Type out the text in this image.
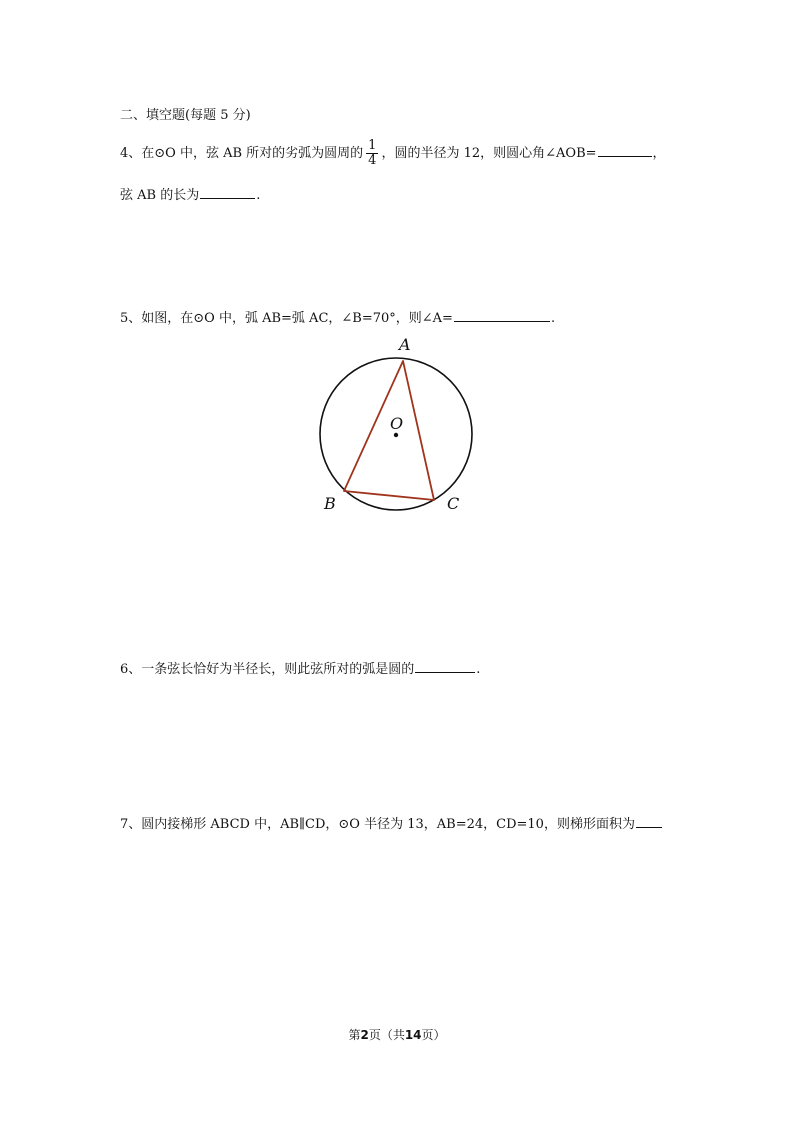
二、填空题(每题 5 分)
4、在⊙O 中，弦 AB 所对的劣弧为圆周的 $\frac{1}{4}$ ，圆的半径为 12，则圆心角∠AOB=	，
弦 AB 的长为	.
5、如图，在⊙O 中，弧 AB=弧 AC，∠B=70°，则∠A=	.
A
B	C
O
6、一条弦长恰好为半径长，则此弦所对的弧是圆的	.
7、圆内接梯形 ABCD 中，AB∥CD，⊙O 半径为 13，AB=24，CD=10，则梯形面积为
第2页（共14页）
